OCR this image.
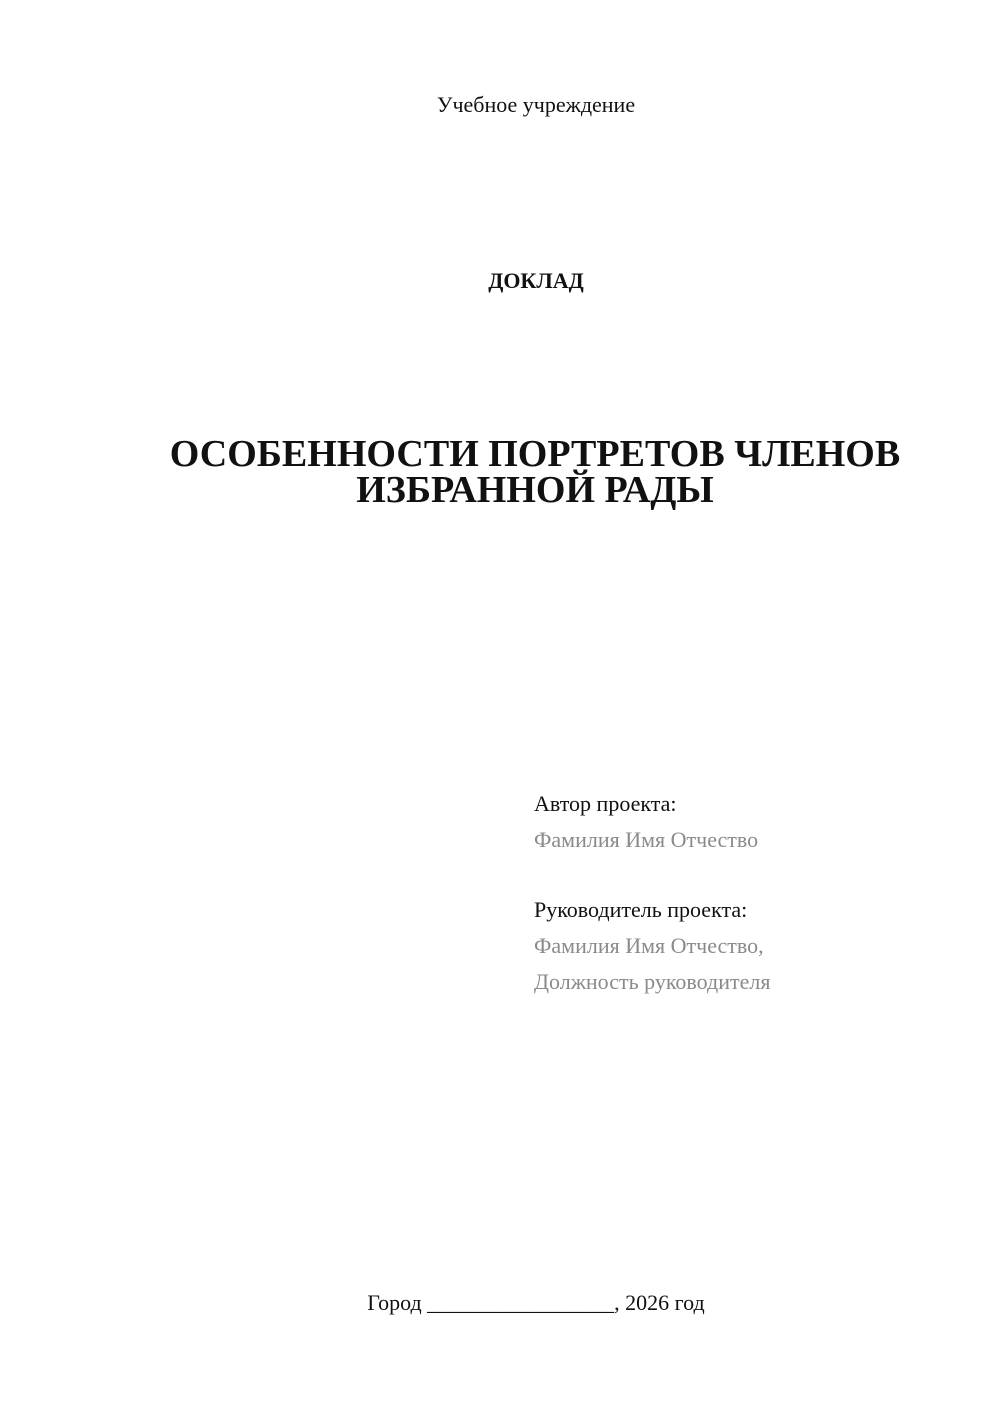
Учебное учреждение
ДОКЛАД
ОСОБЕННОСТИ ПОРТРЕТОВ ЧЛЕНОВ
ИЗБРАННОЙ РАДЫ
Автор проекта:
Фамилия Имя Отчество
Руководитель проекта:
Фамилия Имя Отчество,
Должность руководителя
Город _________________, 2026 год
